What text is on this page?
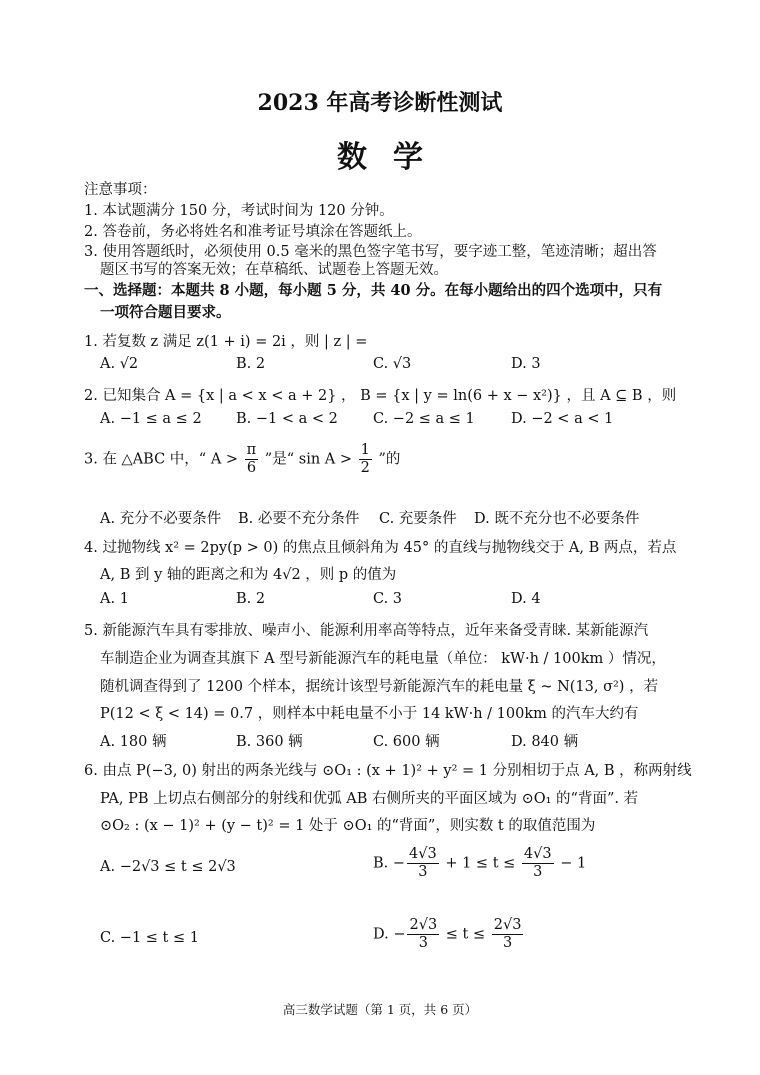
2023 年高考诊断性测试
数学
注意事项：
1. 本试题满分 150 分，考试时间为 120 分钟。
2. 答卷前，务必将姓名和准考证号填涂在答题纸上。
3. 使用答题纸时，必须使用 0.5 毫米的黑色签字笔书写，要字迹工整，笔迹清晰；超出答
题区书写的答案无效；在草稿纸、试题卷上答题无效。
一、选择题：本题共 8 小题，每小题 5 分，共 40 分。在每小题给出的四个选项中，只有
一项符合题目要求。
1. 若复数 z 满足 z(1 + i) = 2i ，则 | z | =
A. √2	B. 2	C. √3	D. 3
2. 已知集合 A = {x | a < x < a + 2} ， B = {x | y = ln(6 + x − x²)} ，且 A ⊆ B ，则
A. −1 ≤ a ≤ 2 B. −1 < a < 2 C. −2 ≤ a ≤ 1 D. −2 < a < 1
3. 在 △ABC 中，“ $A > \frac{\pi}{6}$ ”是“ $\sin A > \frac{1}{2}$ ”的
A. 充分不必要条件 B. 必要不充分条件 C. 充要条件 D. 既不充分也不必要条件
4. 过抛物线 x² = 2py(p > 0) 的焦点且倾斜角为 45° 的直线与抛物线交于 A, B 两点，若点
A, B 到 y 轴的距离之和为 4√2 ，则 p 的值为
A. 1	B. 2	C. 3	D. 4
5. 新能源汽车具有零排放、噪声小、能源利用率高等特点，近年来备受青睐. 某新能源汽
车制造企业为调查其旗下 A 型号新能源汽车的耗电量（单位： kW·h / 100km ）情况，
随机调查得到了 1200 个样本，据统计该型号新能源汽车的耗电量 ξ ~ N(13, σ²) ，若
P(12 < ξ < 14) = 0.7 ，则样本中耗电量不小于 14 kW·h / 100km 的汽车大约有
A. 180 辆	B. 360 辆	C. 600 辆	D. 840 辆
6. 由点 P(−3, 0) 射出的两条光线与 ⊙O₁ : (x + 1)² + y² = 1 分别相切于点 A, B ，称两射线
PA, PB 上切点右侧部分的射线和优弧 AB 右侧所夹的平面区域为 ⊙O₁ 的“背面”. 若
⊙O₂ : (x − 1)² + (y − t)² = 1 处于 ⊙O₁ 的“背面”，则实数 t 的取值范围为
A. −2√3 ≤ t ≤ 2√3	B. − $\frac{4√3}{3} + 1 \le t \le \frac{4√3}{3} - 1$
C. −1 ≤ t ≤ 1	D. − $\frac{2√3}{3} \le t \le \frac{2√3}{3}$
高三数学试题（第 1 页，共 6 页）
